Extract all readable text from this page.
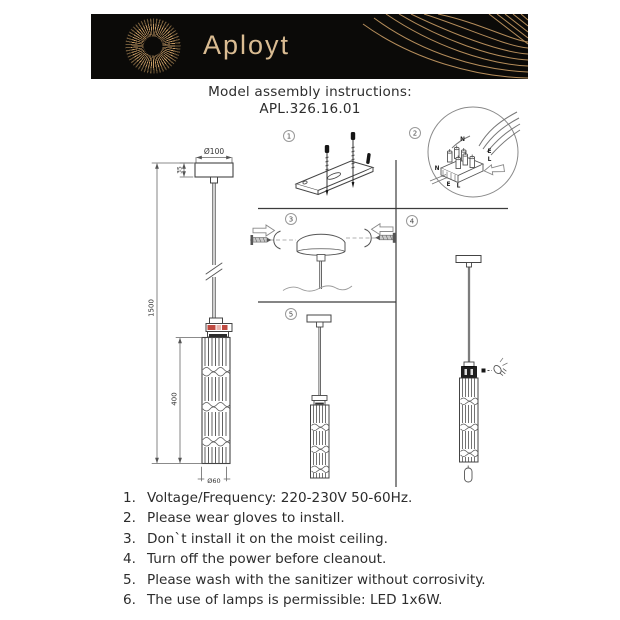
Aployt
Model assembly instructions:
APL.326.16.01
Ø100
35
1500
400
Ø60
1	2
3	4
5
N
E
L
N
E L
1. Voltage/Frequency: 220-230V 50-60Hz.
2. Please wear gloves to install.
3. Don`t install it on the moist ceiling.
4. Turn off the power before cleanout.
5. Please wash with the sanitizer without corrosivity.
6. The use of lamps is permissible: LED 1x6W.
